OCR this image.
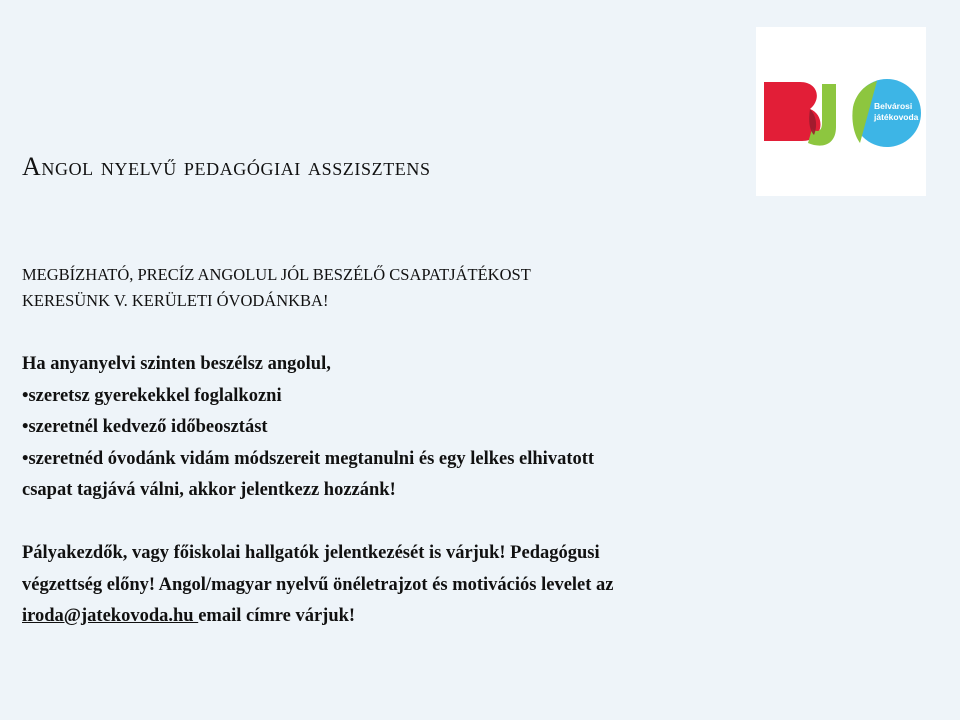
Belvárosi
játékovoda
Angol nyelvű pedagógiai asszisztens
MEGBÍZHATÓ, PRECÍZ ANGOLUL JÓL BESZÉLŐ CSAPATJÁTÉKOST
KERESÜNK V. KERÜLETI ÓVODÁNKBA!

Ha anyanyelvi szinten beszélsz angolul,

•szeretsz gyerekekkel foglalkozni

•szeretnél kedvező időbeosztást

•szeretnéd óvodánk vidám módszereit megtanulni és egy lelkes elhivatott

csapat tagjává válni, akkor jelentkezz hozzánk!

Pályakezdők, vagy főiskolai hallgatók jelentkezését is várjuk! Pedagógusi

végzettség előny! Angol/magyar nyelvű önéletrajzot és motivációs levelet az

iroda@jatekovoda.hu email címre várjuk!
